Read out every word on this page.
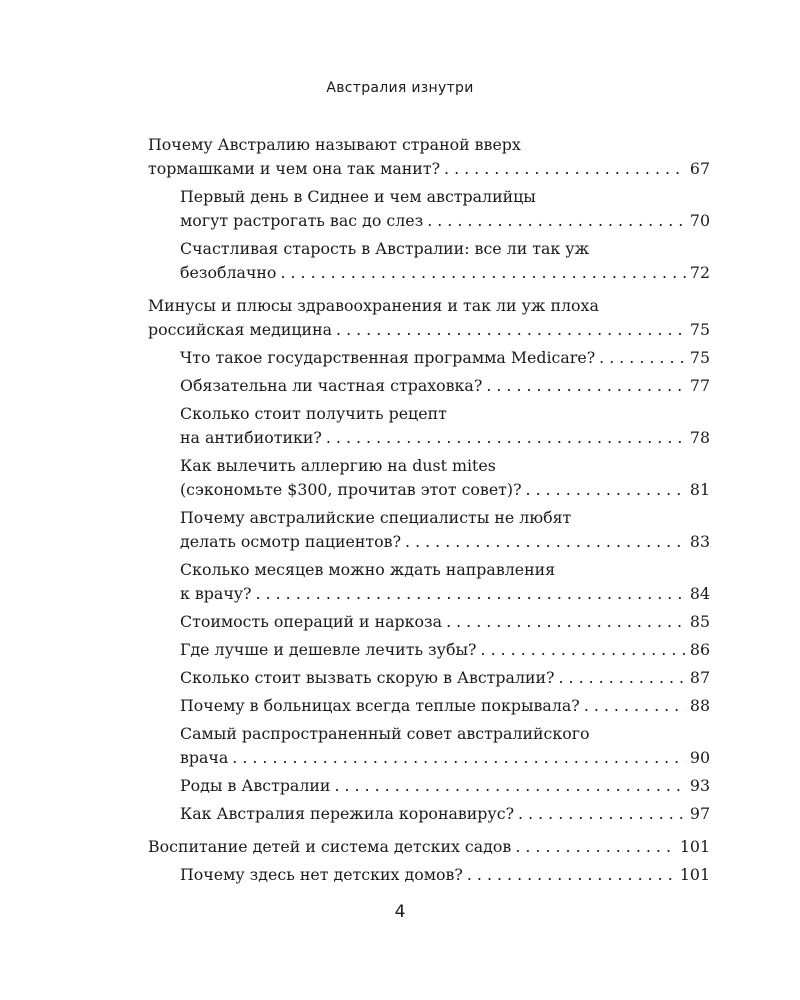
Австралия изнутри
Почему Австралию называют страной вверх
тормашками и чем она так манит? . . .	67
Первый день в Сиднее и чем австралийцы
могут растрогать вас до слез . . .	70
Счастливая старость в Австралии: все ли так уж
безоблачно . . .	72
Минусы и плюсы здравоохранения и так ли уж плоха
российская медицина . . .	75
Что такое государственная программа Medicare? . . .	75
Обязательна ли частная страховка? . . .	77
Сколько стоит получить рецепт
на антибиотики? . . .	78
Как вылечить аллергию на dust mites
(сэкономьте $300, прочитав этот совет)? . . .	81
Почему австралийские специалисты не любят
делать осмотр пациентов? . . .	83
Сколько месяцев можно ждать направления
к врачу? . . .	84
Стоимость операций и наркоза . . .	85
Где лучше и дешевле лечить зубы? . . .	86
Сколько стоит вызвать скорую в Австралии? . . .	87
Почему в больницах всегда теплые покрывала? . . .	88
Самый распространенный совет австралийского
врача . . .	90
Роды в Австралии . . .	93
Как Австралия пережила коронавирус? . . .	97
Воспитание детей и система детских садов . . .	101
Почему здесь нет детских домов? . . .	101
4
